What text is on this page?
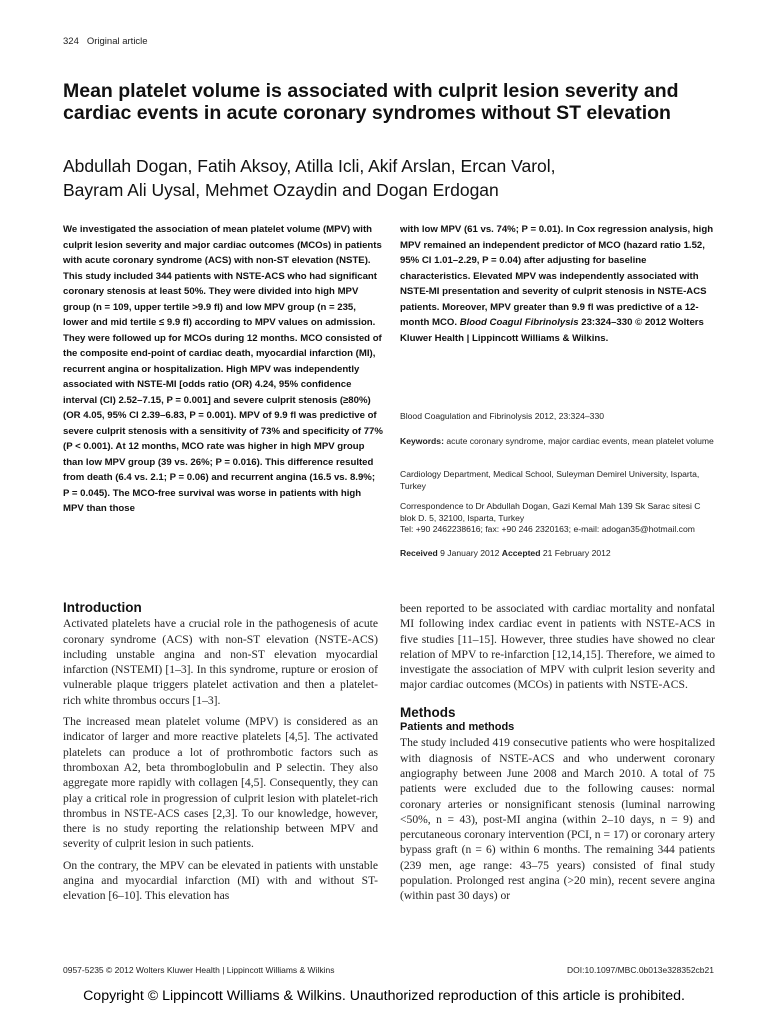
324 Original article
Mean platelet volume is associated with culprit lesion severity and cardiac events in acute coronary syndromes without ST elevation
Abdullah Dogan, Fatih Aksoy, Atilla Icli, Akif Arslan, Ercan Varol,
Bayram Ali Uysal, Mehmet Ozaydin and Dogan Erdogan
We investigated the association of mean platelet volume (MPV) with culprit lesion severity and major cardiac outcomes (MCOs) in patients with acute coronary syndrome (ACS) with non-ST elevation (NSTE). This study included 344 patients with NSTE-ACS who had significant coronary stenosis at least 50%. They were divided into high MPV group (n = 109, upper tertile >9.9 fl) and low MPV group (n = 235, lower and mid tertile ≤ 9.9 fl) according to MPV values on admission. They were followed up for MCOs during 12 months. MCO consisted of the composite end-point of cardiac death, myocardial infarction (MI), recurrent angina or hospitalization. High MPV was independently associated with NSTE-MI [odds ratio (OR) 4.24, 95% confidence interval (CI) 2.52–7.15, P = 0.001] and severe culprit stenosis (≥80%) (OR 4.05, 95% CI 2.39–6.83, P = 0.001). MPV of 9.9 fl was predictive of severe culprit stenosis with a sensitivity of 73% and specificity of 77% (P < 0.001). At 12 months, MCO rate was higher in high MPV group than low MPV group (39 vs. 26%; P = 0.016). This difference resulted from death (6.4 vs. 2.1; P = 0.06) and recurrent angina (16.5 vs. 8.9%; P = 0.045). The MCO-free survival was worse in patients with high MPV than those
with low MPV (61 vs. 74%; P = 0.01). In Cox regression analysis, high MPV remained an independent predictor of MCO (hazard ratio 1.52, 95% CI 1.01–2.29, P = 0.04) after adjusting for baseline characteristics. Elevated MPV was independently associated with NSTE-MI presentation and severity of culprit stenosis in NSTE-ACS patients. Moreover, MPV greater than 9.9 fl was predictive of a 12-month MCO. Blood Coagul Fibrinolysis 23:324–330 © 2012 Wolters Kluwer Health | Lippincott Williams & Wilkins.
Blood Coagulation and Fibrinolysis 2012, 23:324–330
Keywords: acute coronary syndrome, major cardiac events, mean platelet volume
Cardiology Department, Medical School, Suleyman Demirel University, Isparta, Turkey
Correspondence to Dr Abdullah Dogan, Gazi Kemal Mah 139 Sk Sarac sitesi C blok D. 5, 32100, Isparta, Turkey
Tel: +90 2462238616; fax: +90 246 2320163; e-mail: adogan35@hotmail.com
Received 9 January 2012 Accepted 21 February 2012
Introduction

Activated platelets have a crucial role in the pathogenesis of acute coronary syndrome (ACS) with non-ST elevation (NSTE-ACS) including unstable angina and non-ST elevation myocardial infarction (NSTEMI) [1–3]. In this syndrome, rupture or erosion of vulnerable plaque triggers platelet activation and then a platelet-rich white thrombus occurs [1–3].

The increased mean platelet volume (MPV) is considered as an indicator of larger and more reactive platelets [4,5]. The activated platelets can produce a lot of prothrombotic factors such as thromboxan A2, beta thromboglobulin and P selectin. They also aggregate more rapidly with collagen [4,5]. Consequently, they can play a critical role in progression of culprit lesion with platelet-rich thrombus in NSTE-ACS cases [2,3]. To our knowledge, however, there is no study reporting the relationship between MPV and severity of culprit lesion in such patients.

On the contrary, the MPV can be elevated in patients with unstable angina and myocardial infarction (MI) with and without ST-elevation [6–10]. This elevation has

been reported to be associated with cardiac mortality and nonfatal MI following index cardiac event in patients with NSTE-ACS in five studies [11–15]. However, three studies have showed no clear relation of MPV to re-infarction [12,14,15]. Therefore, we aimed to investigate the association of MPV with culprit lesion severity and major cardiac outcomes (MCOs) in patients with NSTE-ACS.

Methods
Patients and methods

The study included 419 consecutive patients who were hospitalized with diagnosis of NSTE-ACS and who underwent coronary angiography between June 2008 and March 2010. A total of 75 patients were excluded due to the following causes: normal coronary arteries or nonsignificant stenosis (luminal narrowing <50%, n = 43), post-MI angina (within 2–10 days, n = 9) and percutaneous coronary intervention (PCI, n = 17) or coronary artery bypass graft (n = 6) within 6 months. The remaining 344 patients (239 men, age range: 43–75 years) consisted of final study population. Prolonged rest angina (>20 min), recent severe angina (within past 30 days) or

0957-5235 © 2012 Wolters Kluwer Health | Lippincott Williams & Wilkins	DOI:10.1097/MBC.0b013e328352cb21
Copyright © Lippincott Williams & Wilkins. Unauthorized reproduction of this article is prohibited.
